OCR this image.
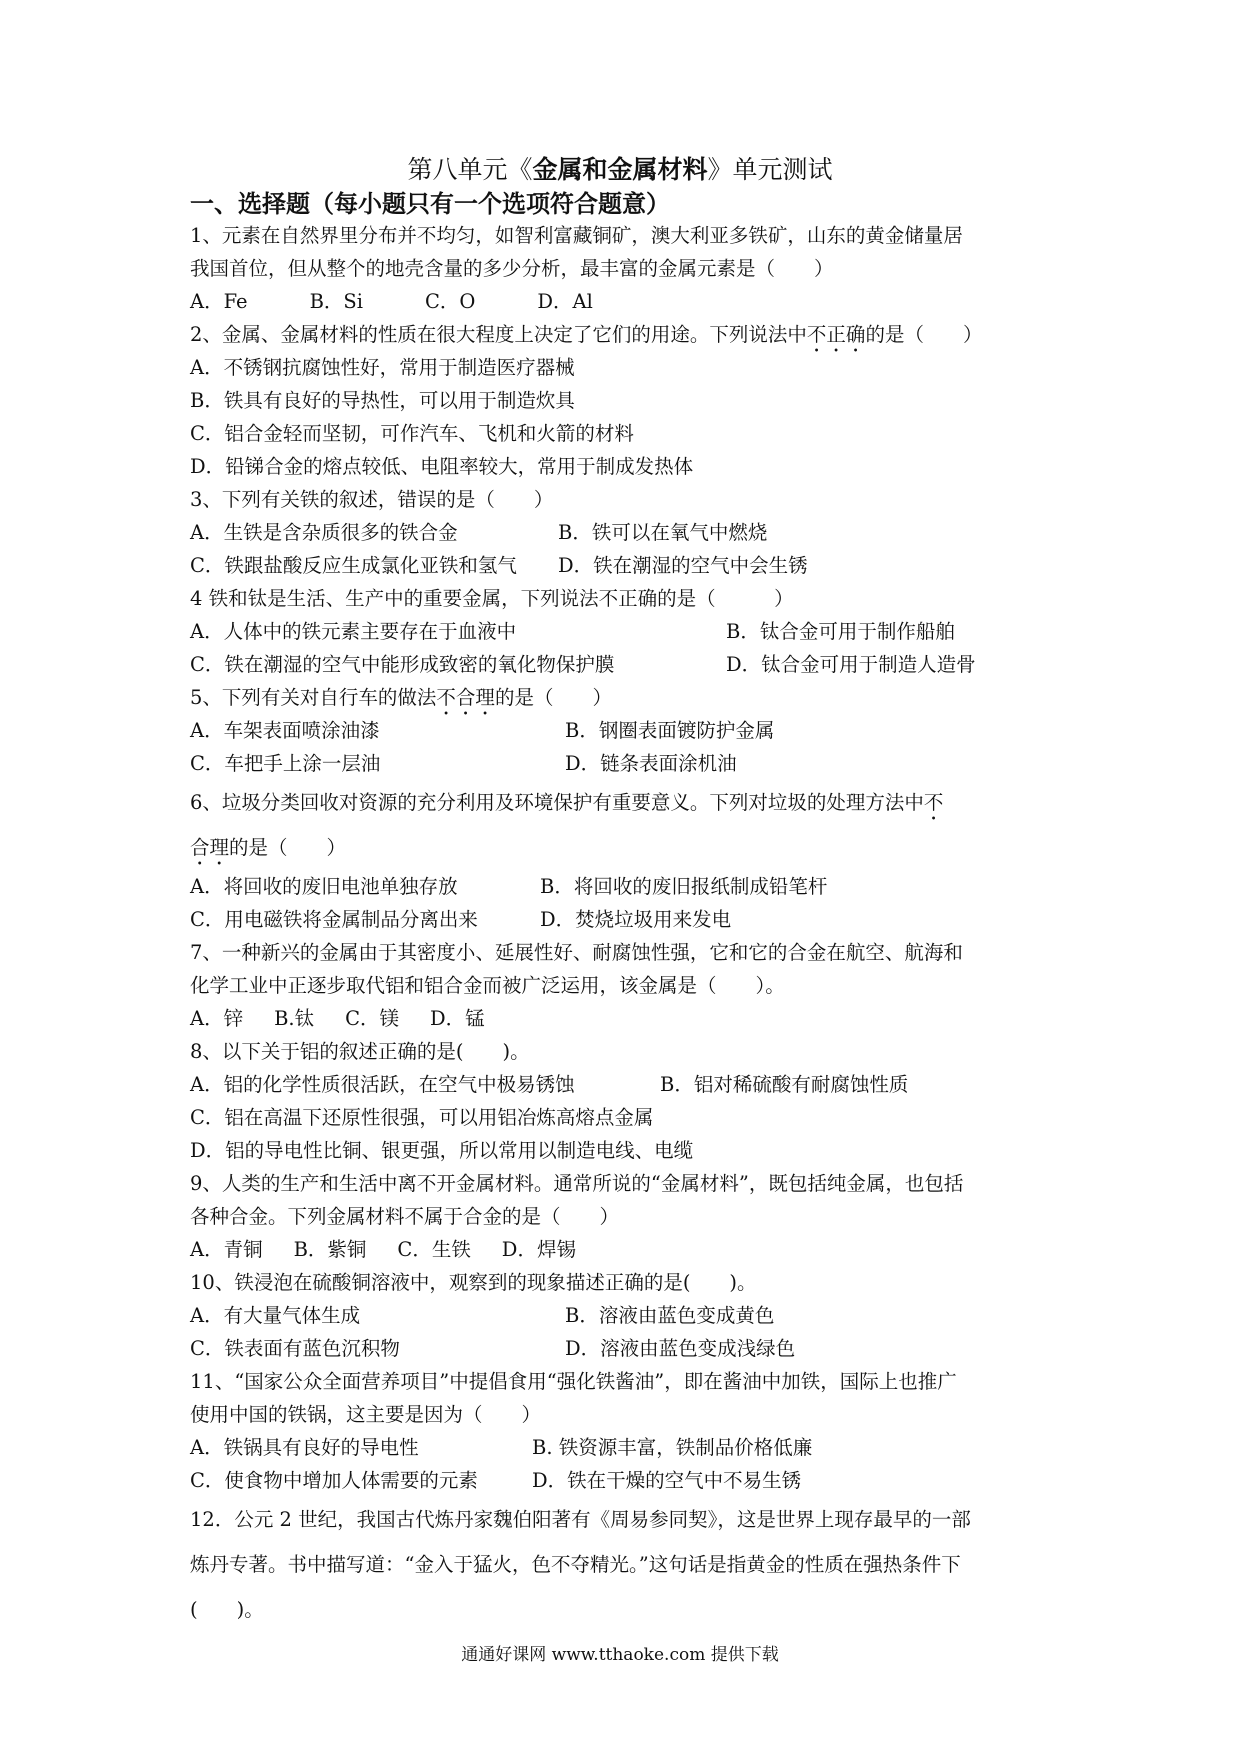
第八单元《金属和金属材料》单元测试
一、选择题（每小题只有一个选项符合题意）
1、元素在自然界里分布并不均匀，如智利富藏铜矿，澳大利亚多铁矿，山东的黄金储量居
我国首位，但从整个的地壳含量的多少分析，最丰富的金属元素是（　　）
A．Fe          B．Si          C．O          D．Al
2、金属、金属材料的性质在很大程度上决定了它们的用途。下列说法中不正确的是（　　）
A．不锈钢抗腐蚀性好，常用于制造医疗器械
B．铁具有良好的导热性，可以用于制造炊具
C．铝合金轻而坚韧，可作汽车、飞机和火箭的材料
D．铅锑合金的熔点较低、电阻率较大，常用于制成发热体
3、下列有关铁的叙述，错误的是（　　）
A．生铁是含杂质很多的铁合金	B．铁可以在氧气中燃烧
C．铁跟盐酸反应生成氯化亚铁和氢气	D．铁在潮湿的空气中会生锈
4 铁和钛是生活、生产中的重要金属，下列说法不正确的是（　　　）
A．人体中的铁元素主要存在于血液中	B．钛合金可用于制作船舶
C．铁在潮湿的空气中能形成致密的氧化物保护膜	D．钛合金可用于制造人造骨
5、下列有关对自行车的做法不合理的是（　　）
A．车架表面喷涂油漆	B．钢圈表面镀防护金属
C．车把手上涂一层油	D．链条表面涂机油
6、垃圾分类回收对资源的充分利用及环境保护有重要意义。下列对垃圾的处理方法中不
合理的是（　　）
A．将回收的废旧电池单独存放	B．将回收的废旧报纸制成铅笔杆
C．用电磁铁将金属制品分离出来	D．焚烧垃圾用来发电
7、一种新兴的金属由于其密度小、延展性好、耐腐蚀性强，它和它的合金在航空、航海和
化学工业中正逐步取代铝和铝合金而被广泛运用，该金属是（　　）。
A．锌     B.钛     C．镁     D．锰
8、以下关于铝的叙述正确的是(　　)。
A．铝的化学性质很活跃，在空气中极易锈蚀	B．铝对稀硫酸有耐腐蚀性质
C．铝在高温下还原性很强，可以用铝冶炼高熔点金属
D．铝的导电性比铜、银更强，所以常用以制造电线、电缆
9、人类的生产和生活中离不开金属材料。通常所说的“金属材料”，既包括纯金属，也包括
各种合金。下列金属材料不属于合金的是（　　）
A．青铜     B．紫铜     C．生铁     D．焊锡
10、铁浸泡在硫酸铜溶液中，观察到的现象描述正确的是(　　)。
A．有大量气体生成	B．溶液由蓝色变成黄色
C．铁表面有蓝色沉积物	D．溶液由蓝色变成浅绿色
11、“国家公众全面营养项目”中提倡食用“强化铁酱油”，即在酱油中加铁，国际上也推广
使用中国的铁锅，这主要是因为（　　）
A．铁锅具有良好的导电性	B. 铁资源丰富，铁制品价格低廉
C．使食物中增加人体需要的元素	D．铁在干燥的空气中不易生锈
12．公元 2 世纪，我国古代炼丹家魏伯阳著有《周易参同契》，这是世界上现存最早的一部
炼丹专著。书中描写道：“金入于猛火，色不夺精光。”这句话是指黄金的性质在强热条件下
(　　)。
通通好课网 www.tthaoke.com 提供下载
